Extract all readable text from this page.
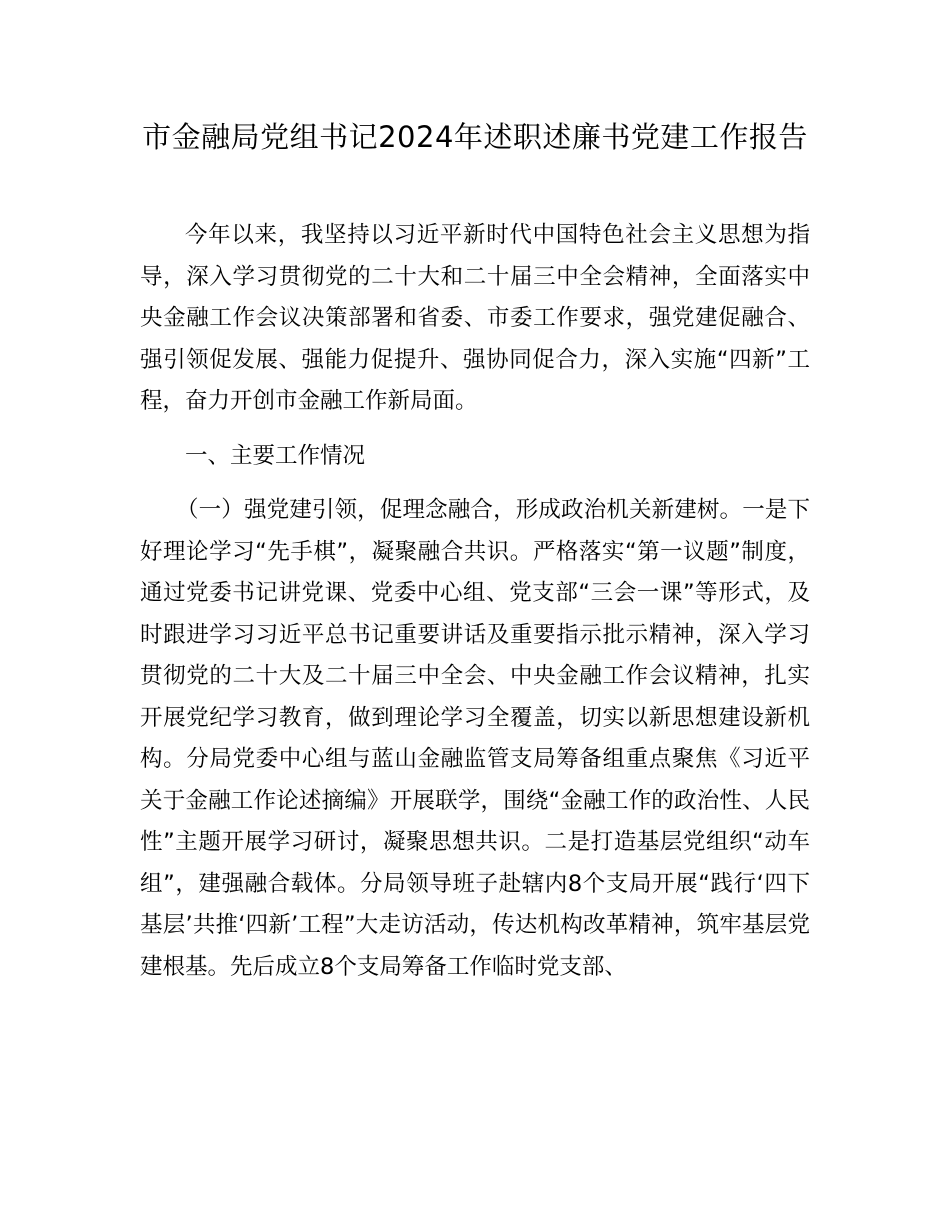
市金融局党组书记2024年述职述廉书党建工作报告

今年以来，我坚持以习近平新时代中国特色社会主义思想为指导，深入学习贯彻党的二十大和二十届三中全会精神，全面落实中央金融工作会议决策部署和省委、市委工作要求，强党建促融合、强引领促发展、强能力促提升、强协同促合力，深入实施“四新”工程，奋力开创市金融工作新局面。

一、主要工作情况

（一）强党建引领，促理念融合，形成政治机关新建树。一是下好理论学习“先手棋”，凝聚融合共识。严格落实“第一议题”制度，通过党委书记讲党课、党委中心组、党支部“三会一课”等形式，及时跟进学习习近平总书记重要讲话及重要指示批示精神，深入学习贯彻党的二十大及二十届三中全会、中央金融工作会议精神，扎实开展党纪学习教育，做到理论学习全覆盖，切实以新思想建设新机构。分局党委中心组与蓝山金融监管支局筹备组重点聚焦《习近平关于金融工作论述摘编》开展联学，围绕“金融工作的政治性、人民性”主题开展学习研讨，凝聚思想共识。二是打造基层党组织“动车组”，建强融合载体。分局领导班子赴辖内8个支局开展“践行‘四下基层’共推‘四新’工程”大走访活动，传达机构改革精神，筑牢基层党建根基。先后成立8个支局筹备工作临时党支部、
